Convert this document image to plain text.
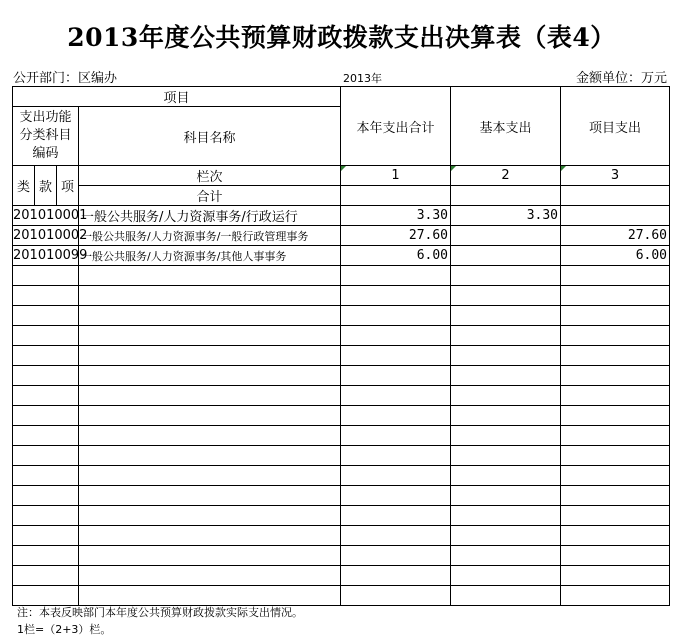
2013年度公共预算财政拨款支出决算表（表4）
公开部门：区编办	2013年	金额单位：万元
项目				本年支出合计	基本支出	项目支出
支出功能分类科目编码			科目名称			

类	款	项	栏次	1	2	3
			合计			
201010001			一般公共服务/人力资源事务/行政运行	3.30	3.30	
201010002			一般公共服务/人力资源事务/一般行政管理事务	27.60		27.60
201010099			一般公共服务/人力资源事务/其他人事事务	6.00		6.00

注：本表反映部门本年度公共预算财政拨款实际支出情况。
1栏=（2+3）栏。
